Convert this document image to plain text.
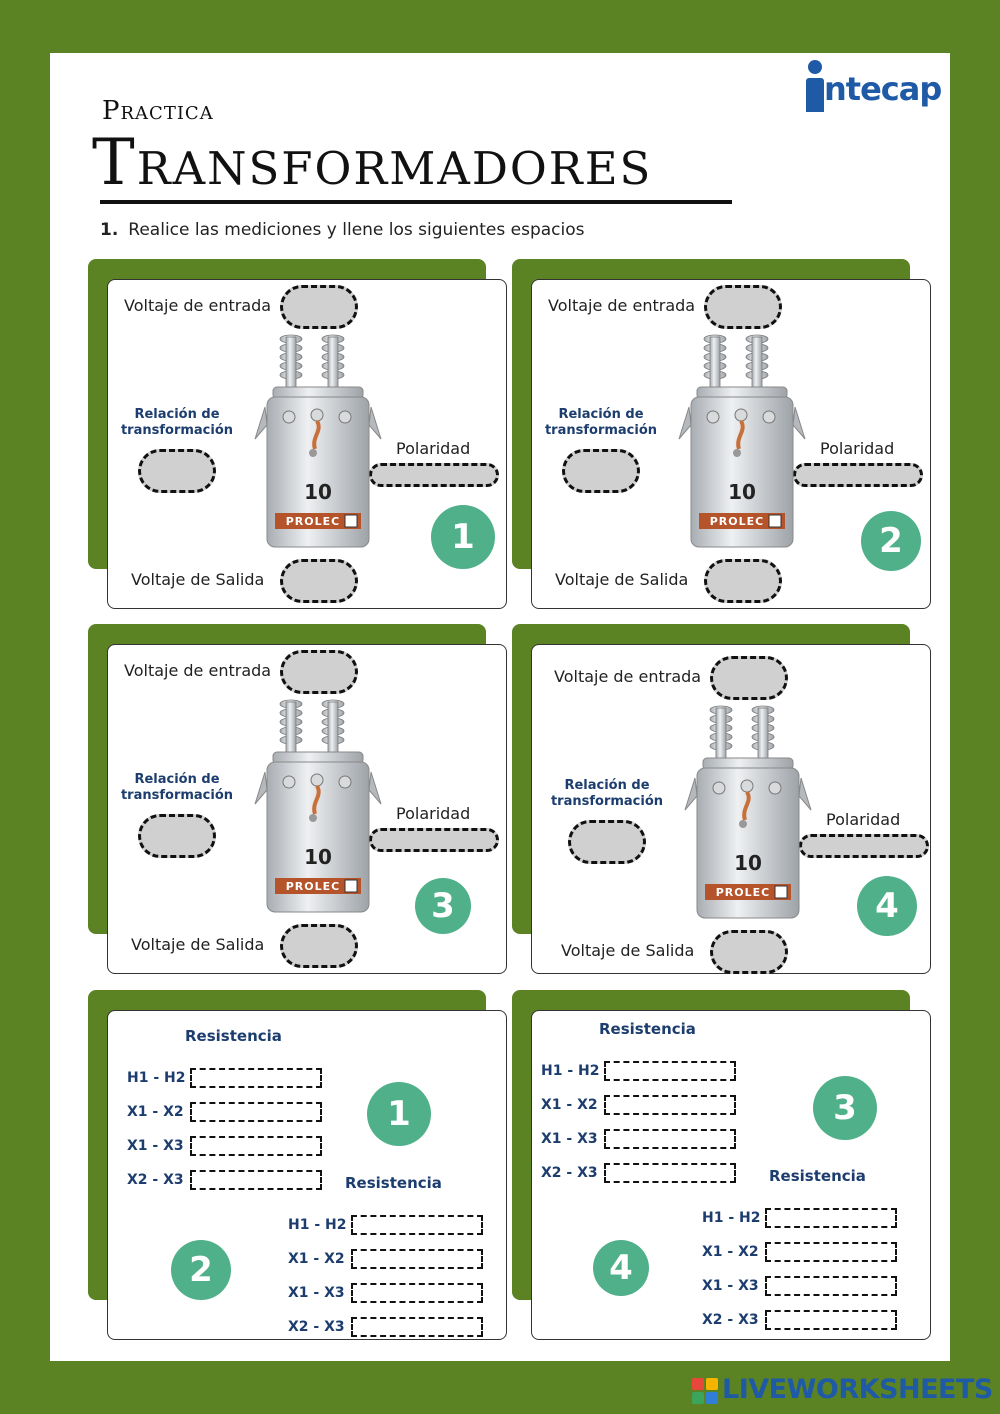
Practica
Transformadores
ntecap
1. Realice las mediciones y llene los siguientes espacios
Voltaje de entrada
Relación de transformación
Polaridad
Voltaje de Salida
10
PROLEC	1
Voltaje de entrada
Relación de transformación
Polaridad
Voltaje de Salida
10
PROLEC	2
Voltaje de entrada
Relación de transformación
Polaridad
Voltaje de Salida
10
PROLEC	3
Voltaje de entrada
Relación de transformación
Polaridad
Voltaje de Salida
10
PROLEC	4
Resistencia
H1 - H2
X1 - X2
X1 - X3
X2 - X3
1
Resistencia
H1 - H2
X1 - X2
X1 - X3
X2 - X3
2
Resistencia
H1 - H2
X1 - X2
X1 - X3
X2 - X3
3
Resistencia
H1 - H2
X1 - X2
X1 - X3
X2 - X3
4
LIVEWORKSHEETS
